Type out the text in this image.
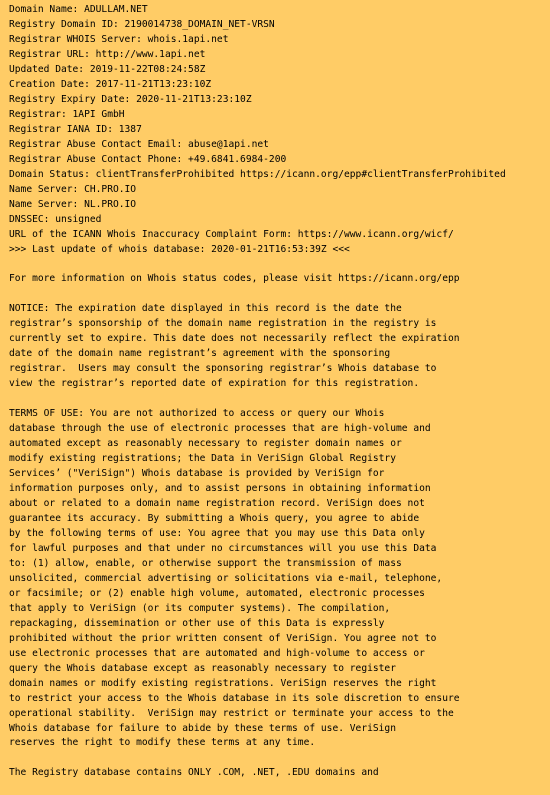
Domain Name: ADULLAM.NET
Registry Domain ID: 2190014738_DOMAIN_NET-VRSN
Registrar WHOIS Server: whois.1api.net
Registrar URL: http://www.1api.net
Updated Date: 2019-11-22T08:24:58Z
Creation Date: 2017-11-21T13:23:10Z
Registry Expiry Date: 2020-11-21T13:23:10Z
Registrar: 1API GmbH
Registrar IANA ID: 1387
Registrar Abuse Contact Email: abuse@1api.net
Registrar Abuse Contact Phone: +49.6841.6984-200
Domain Status: clientTransferProhibited https://icann.org/epp#clientTransferProhibited
Name Server: CH.PRO.IO
Name Server: NL.PRO.IO
DNSSEC: unsigned
URL of the ICANN Whois Inaccuracy Complaint Form: https://www.icann.org/wicf/
>>> Last update of whois database: 2020-01-21T16:53:39Z <<<
For more information on Whois status codes, please visit https://icann.org/epp
NOTICE: The expiration date displayed in this record is the date the
registrar’s sponsorship of the domain name registration in the registry is
currently set to expire. This date does not necessarily reflect the expiration
date of the domain name registrant’s agreement with the sponsoring
registrar.  Users may consult the sponsoring registrar’s Whois database to
view the registrar’s reported date of expiration for this registration.
TERMS OF USE: You are not authorized to access or query our Whois
database through the use of electronic processes that are high-volume and
automated except as reasonably necessary to register domain names or
modify existing registrations; the Data in VeriSign Global Registry
Services’ ("VeriSign") Whois database is provided by VeriSign for
information purposes only, and to assist persons in obtaining information
about or related to a domain name registration record. VeriSign does not
guarantee its accuracy. By submitting a Whois query, you agree to abide
by the following terms of use: You agree that you may use this Data only
for lawful purposes and that under no circumstances will you use this Data
to: (1) allow, enable, or otherwise support the transmission of mass
unsolicited, commercial advertising or solicitations via e-mail, telephone,
or facsimile; or (2) enable high volume, automated, electronic processes
that apply to VeriSign (or its computer systems). The compilation,
repackaging, dissemination or other use of this Data is expressly
prohibited without the prior written consent of VeriSign. You agree not to
use electronic processes that are automated and high-volume to access or
query the Whois database except as reasonably necessary to register
domain names or modify existing registrations. VeriSign reserves the right
to restrict your access to the Whois database in its sole discretion to ensure
operational stability.  VeriSign may restrict or terminate your access to the
Whois database for failure to abide by these terms of use. VeriSign
reserves the right to modify these terms at any time.
The Registry database contains ONLY .COM, .NET, .EDU domains and
